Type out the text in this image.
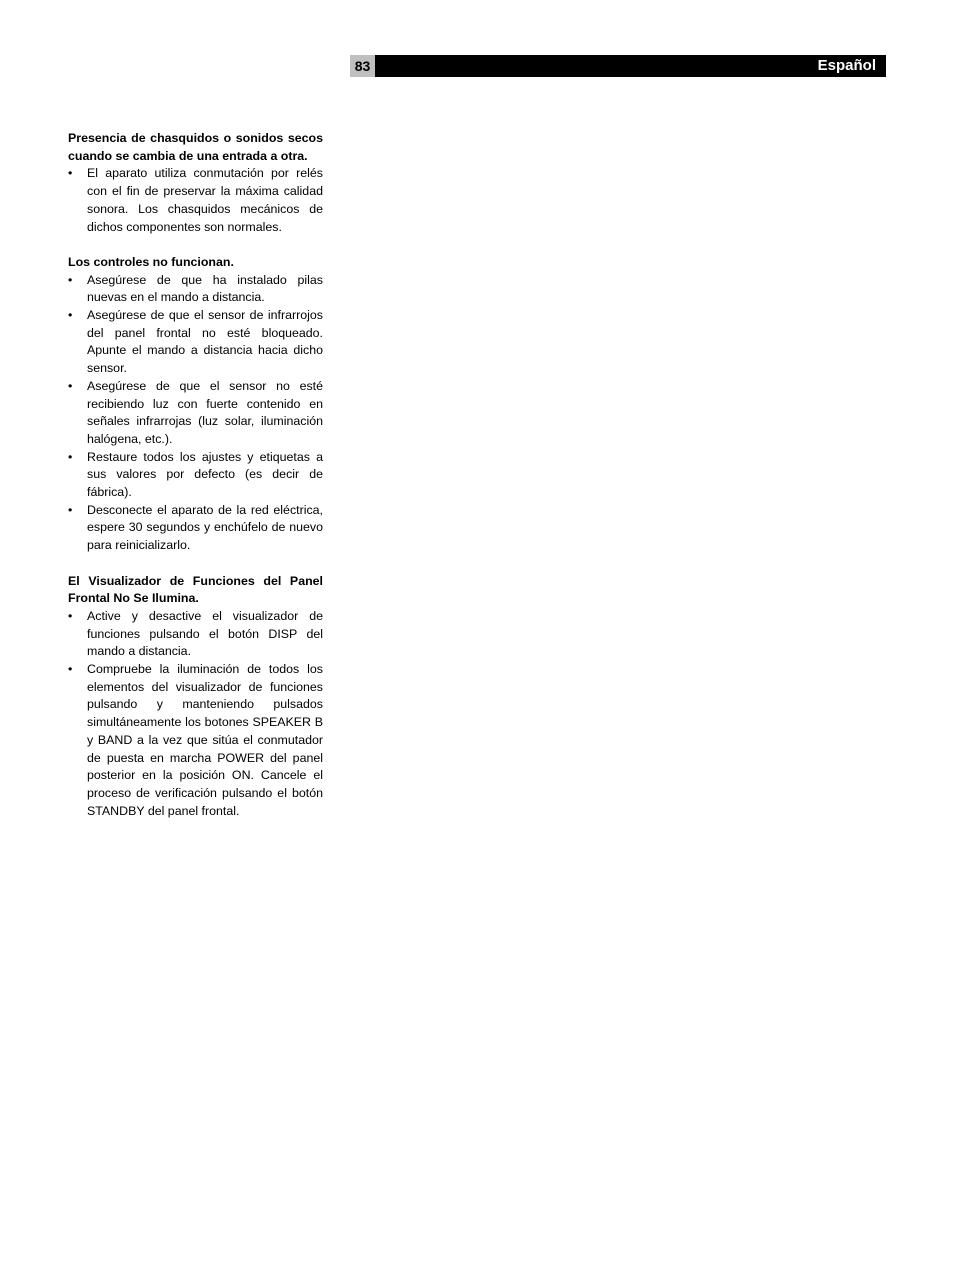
83	Español

Presencia de chasquidos o sonidos secos cuando se cambia de una entrada a otra.

• El aparato utiliza conmutación por relés con el fin de preservar la máxima calidad sonora. Los chasquidos mecánicos de dichos componentes son normales.

Los controles no funcionan.

• Asegúrese de que ha instalado pilas nuevas en el mando a distancia.
• Asegúrese de que el sensor de infrarrojos del panel frontal no esté bloqueado. Apunte el mando a distancia hacia dicho sensor.
• Asegúrese de que el sensor no esté recibiendo luz con fuerte contenido en señales infrarrojas (luz solar, iluminación halógena, etc.).
• Restaure todos los ajustes y etiquetas a sus valores por defecto (es decir de fábrica).
• Desconecte el aparato de la red eléctrica, espere 30 segundos y enchúfelo de nuevo para reinicializarlo.

El Visualizador de Funciones del Panel Frontal No Se Ilumina.

• Active y desactive el visualizador de funciones pulsando el botón DISP del mando a distancia.
• Compruebe la iluminación de todos los elementos del visualizador de funciones pulsando y manteniendo pulsados simultáneamente los botones SPEAKER B y BAND a la vez que sitúa el conmutador de puesta en marcha POWER del panel posterior en la posición ON. Cancele el proceso de verificación pulsando el botón STANDBY del panel frontal.
